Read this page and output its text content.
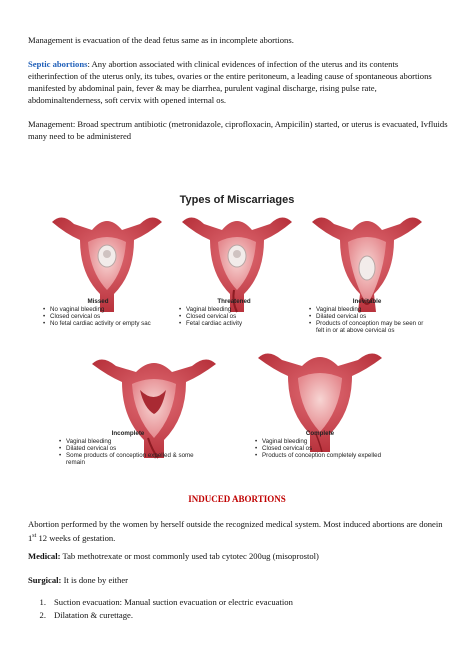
Management is evacuation of the dead fetus same as in incomplete abortions.

Septic abortions: Any abortion associated with clinical evidences of infection of the uterus and its contents eitherinfection of the uterus only, its tubes, ovaries or the entire peritoneum, a leading cause of spontaneous abortions manifested by abdominal pain, fever & may be diarrhea, purulent vaginal discharge, rising pulse rate, abdominaltenderness, soft cervix with opened internal os.

Management: Broad spectrum antibiotic (metronidazole, ciprofloxacin, Ampicilin) started, or uterus is evacuated, Ivfluids many need to be administered

Types of Miscarriages
Missed
• No vaginal bleeding
• Closed cervical os
• No fetal cardiac activity or empty sac
Threatened
• Vaginal bleeding
• Closed cervical os
• Fetal cardiac activity
Inevitable
• Vaginal bleeding
• Dilated cervical os
• Products of conception may be seen or felt in or at above cervical os
Incomplete
• Vaginal bleeding
• Dilated cervical os
• Some products of conception expelled & some remain
Complete
• Vaginal bleeding
• Closed cervical os
• Products of conception completely expelled
INDUCED ABORTIONS

Abortion performed by the women by herself outside the recognized medical system. Most induced abortions are donein 1st 12 weeks of gestation.

Medical: Tab methotrexate or most commonly used tab cytotec 200ug (misoprostol)

Surgical: It is done by either

1. Suction evacuation: Manual suction evacuation or electric evacuation
2. Dilatation & curettage.
